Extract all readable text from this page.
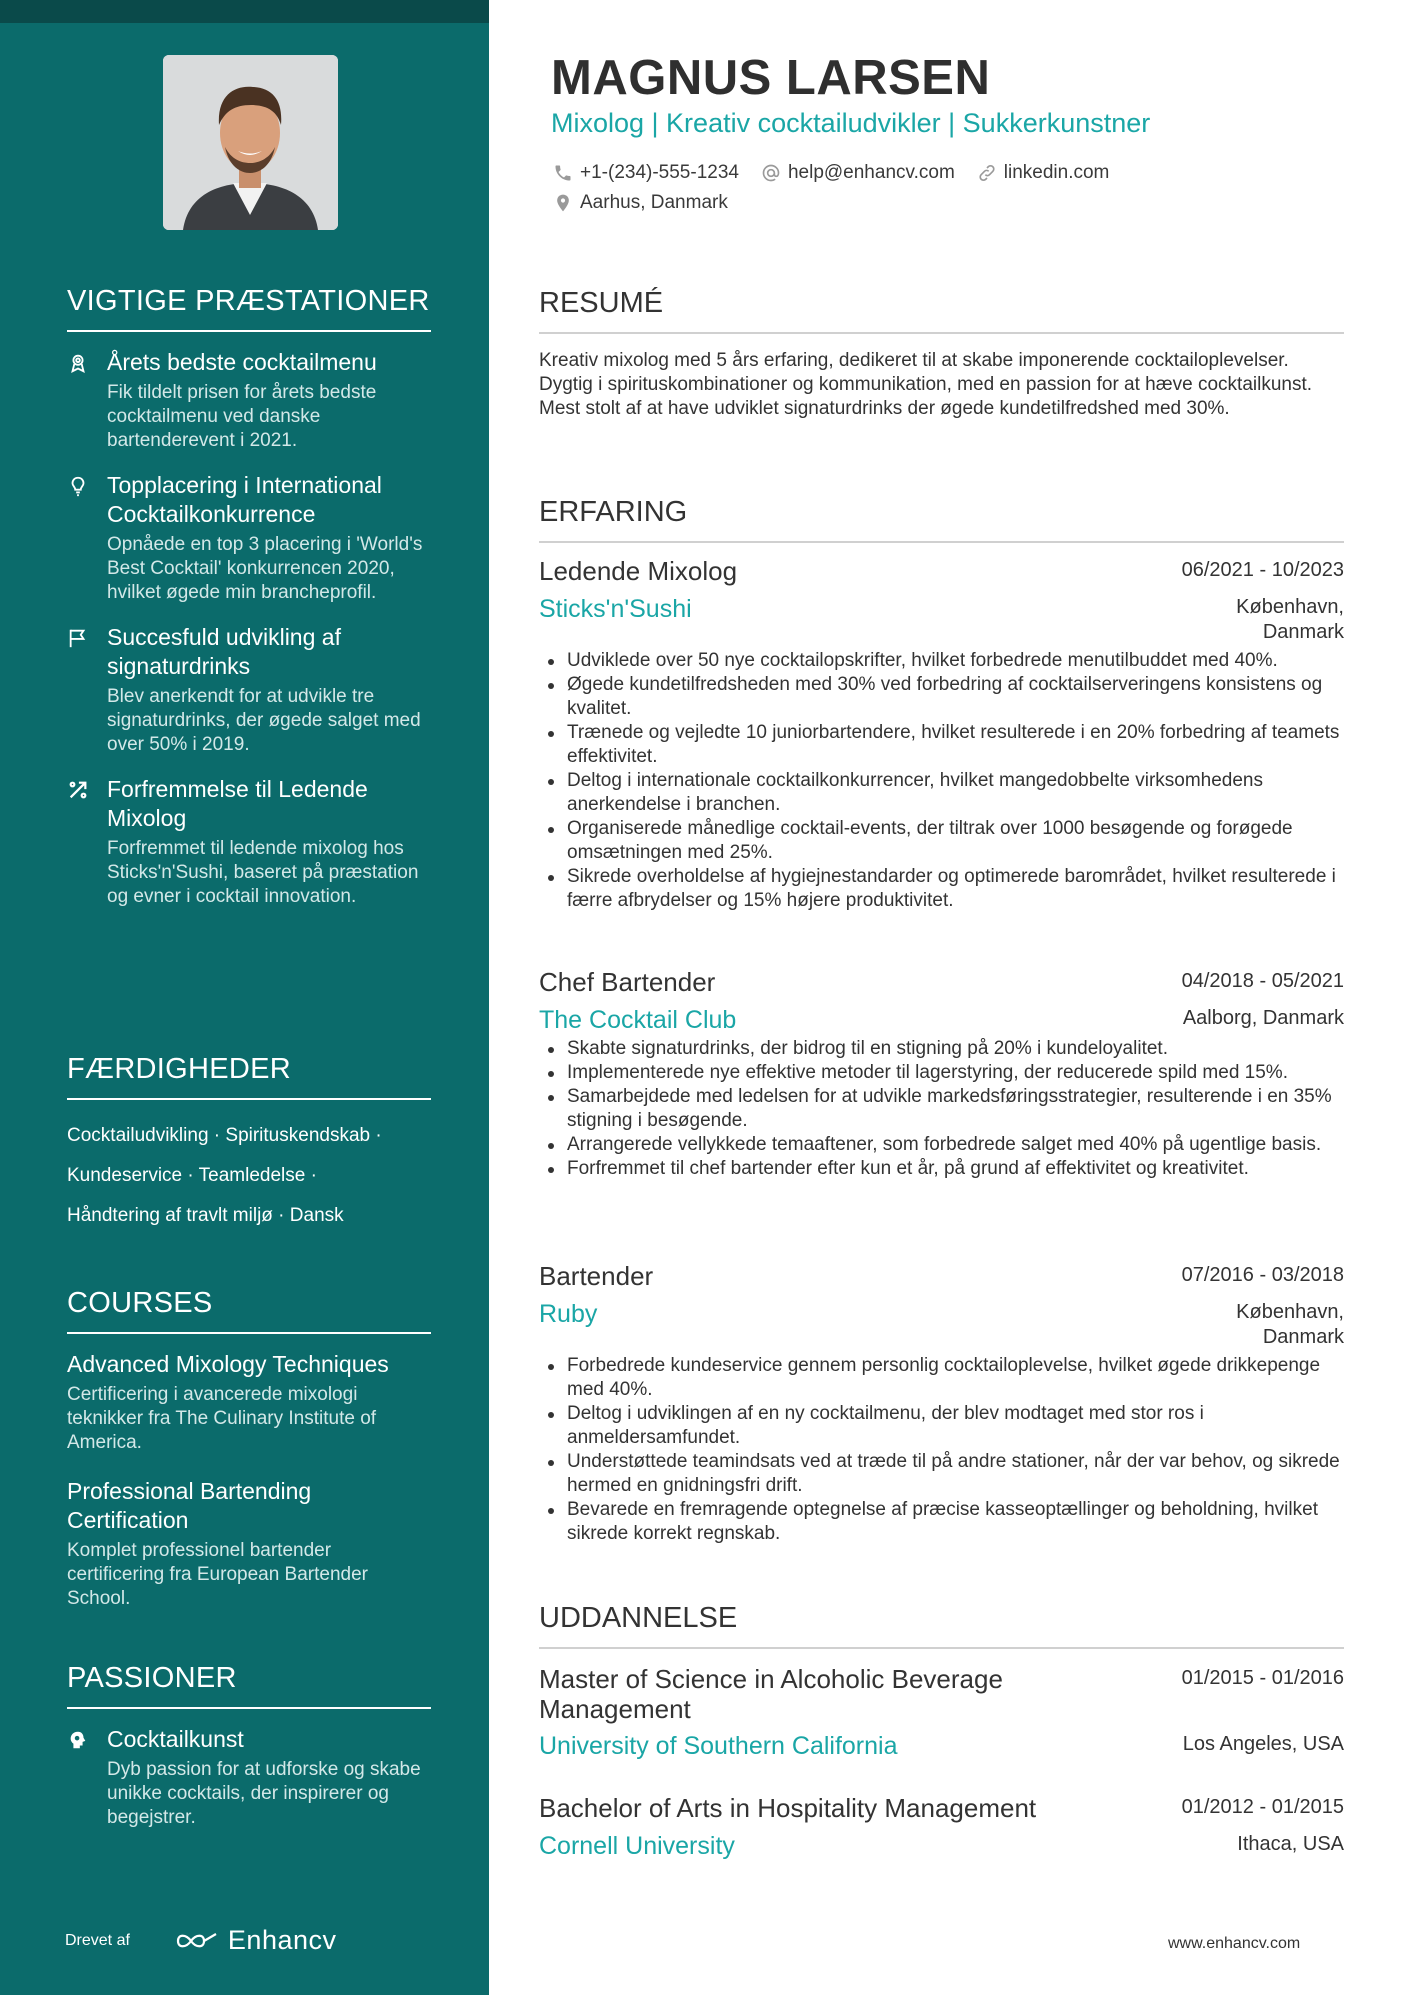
VIGTIGE PRÆSTATIONER
Årets bedste cocktailmenu
Fik tildelt prisen for årets bedste cocktailmenu ved danske bartenderevent i 2021.
Topplacering i International Cocktailkonkurrence
Opnåede en top 3 placering i 'World's Best Cocktail' konkurrencen 2020, hvilket øgede min brancheprofil.
Succesfuld udvikling af signaturdrinks
Blev anerkendt for at udvikle tre signaturdrinks, der øgede salget med over 50% i 2019.
Forfremmelse til Ledende Mixolog
Forfremmet til ledende mixolog hos Sticks'n'Sushi, baseret på præstation og evner i cocktail innovation.
FÆRDIGHEDER
Cocktailudvikling · Spirituskendskab ·
Kundeservice · Teamledelse ·
Håndtering af travlt miljø · Dansk
COURSES
Advanced Mixology Techniques
Certificering i avancerede mixologi teknikker fra The Culinary Institute of America.
Professional Bartending Certification
Komplet professionel bartender certificering fra European Bartender School.
PASSIONER
Cocktailkunst
Dyb passion for at udforske og skabe unikke cocktails, der inspirerer og begejstrer.
Drevet af	Enhancv
MAGNUS LARSEN
Mixolog | Kreativ cocktailudvikler | Sukkerkunstner
+1-(234)-555-1234	help@enhancv.com	linkedin.com
Aarhus, Danmark
RESUMÉ
Kreativ mixolog med 5 års erfaring, dedikeret til at skabe imponerende cocktailoplevelser. Dygtig i spirituskombinationer og kommunikation, med en passion for at hæve cocktailkunst. Mest stolt af at have udviklet signaturdrinks der øgede kundetilfredshed med 30%.
ERFARING
Ledende Mixolog	06/2021 - 10/2023
Sticks'n'Sushi	København,
Danmark
Udviklede over 50 nye cocktailopskrifter, hvilket forbedrede menutilbuddet med 40%.
Øgede kundetilfredsheden med 30% ved forbedring af cocktailserveringens konsistens og kvalitet.
Trænede og vejledte 10 juniorbartendere, hvilket resulterede i en 20% forbedring af teamets effektivitet.
Deltog i internationale cocktailkonkurrencer, hvilket mangedobbelte virksomhedens anerkendelse i branchen.
Organiserede månedlige cocktail-events, der tiltrak over 1000 besøgende og forøgede omsætningen med 25%.
Sikrede overholdelse af hygiejnestandarder og optimerede barområdet, hvilket resulterede i færre afbrydelser og 15% højere produktivitet.
Chef Bartender	04/2018 - 05/2021
The Cocktail Club	Aalborg, Danmark
Skabte signaturdrinks, der bidrog til en stigning på 20% i kundeloyalitet.
Implementerede nye effektive metoder til lagerstyring, der reducerede spild med 15%.
Samarbejdede med ledelsen for at udvikle markedsføringsstrategier, resulterende i en 35% stigning i besøgende.
Arrangerede vellykkede temaaftener, som forbedrede salget med 40% på ugentlige basis.
Forfremmet til chef bartender efter kun et år, på grund af effektivitet og kreativitet.
Bartender	07/2016 - 03/2018
Ruby	København,
Danmark
Forbedrede kundeservice gennem personlig cocktailoplevelse, hvilket øgede drikkepenge med 40%.
Deltog i udviklingen af en ny cocktailmenu, der blev modtaget med stor ros i anmeldersamfundet.
Understøttede teamindsats ved at træde til på andre stationer, når der var behov, og sikrede hermed en gnidningsfri drift.
Bevarede en fremragende optegnelse af præcise kasseoptællinger og beholdning, hvilket sikrede korrekt regnskab.
UDDANNELSE
Master of Science in Alcoholic Beverage Management
01/2015 - 01/2016
University of Southern California	Los Angeles, USA
Bachelor of Arts in Hospitality Management	01/2012 - 01/2015
Cornell University	Ithaca, USA
www.enhancv.com
